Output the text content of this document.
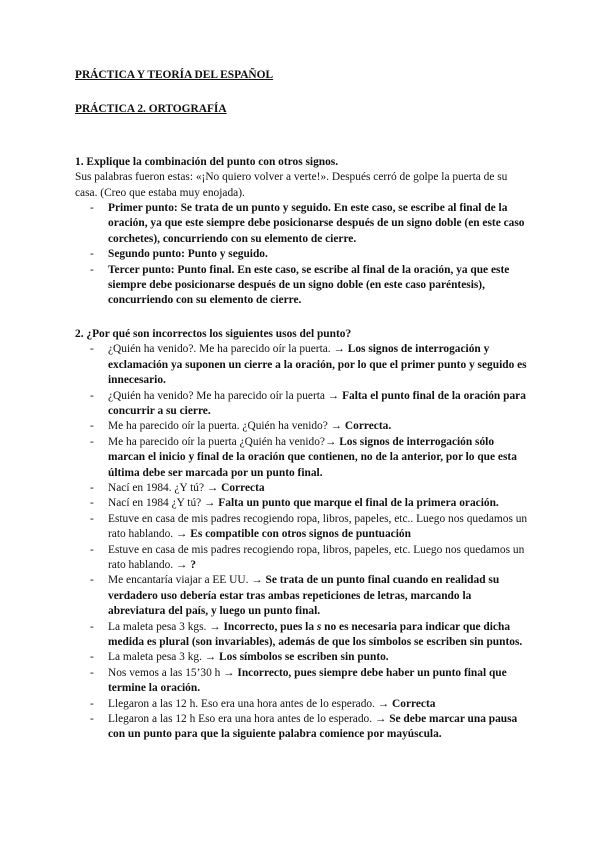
PRÁCTICA Y TEORÍA DEL ESPAÑOL

PRÁCTICA 2. ORTOGRAFÍA

1. Explique la combinación del punto con otros signos.

Sus palabras fueron estas: «¡No quiero volver a verte!». Después cerró de golpe la puerta de su casa. (Creo que estaba muy enojada).

- Primer punto: Se trata de un punto y seguido. En este caso, se escribe al final de la oración, ya que este siempre debe posicionarse después de un signo doble (en este caso corchetes), concurriendo con su elemento de cierre.
- Segundo punto: Punto y seguido.
- Tercer punto: Punto final. En este caso, se escribe al final de la oración, ya que este siempre debe posicionarse después de un signo doble (en este caso paréntesis), concurriendo con su elemento de cierre.

2. ¿Por qué son incorrectos los siguientes usos del punto?

- ¿Quién ha venido?. Me ha parecido oír la puerta. → Los signos de interrogación y exclamación ya suponen un cierre a la oración, por lo que el primer punto y seguido es innecesario.
- ¿Quién ha venido? Me ha parecido oír la puerta → Falta el punto final de la oración para concurrir a su cierre.
- Me ha parecido oír la puerta. ¿Quién ha venido? → Correcta.
- Me ha parecido oír la puerta ¿Quién ha venido?→ Los signos de interrogación sólo marcan el inicio y final de la oración que contienen, no de la anterior, por lo que esta última debe ser marcada por un punto final.
- Nací en 1984. ¿Y tú? → Correcta
- Nací en 1984 ¿Y tú? → Falta un punto que marque el final de la primera oración.
- Estuve en casa de mis padres recogiendo ropa, libros, papeles, etc.. Luego nos quedamos un rato hablando. → Es compatible con otros signos de puntuación
- Estuve en casa de mis padres recogiendo ropa, libros, papeles, etc. Luego nos quedamos un rato hablando. → ?
- Me encantaría viajar a EE UU. → Se trata de un punto final cuando en realidad su verdadero uso debería estar tras ambas repeticiones de letras, marcando la abreviatura del país, y luego un punto final.
- La maleta pesa 3 kgs. → Incorrecto, pues la s no es necesaria para indicar que dicha medida es plural (son invariables), además de que los símbolos se escriben sin puntos.
- La maleta pesa 3 kg. → Los símbolos se escriben sin punto.
- Nos vemos a las 15’30 h → Incorrecto, pues siempre debe haber un punto final que termine la oración.
- Llegaron a las 12 h. Eso era una hora antes de lo esperado. → Correcta
- Llegaron a las 12 h Eso era una hora antes de lo esperado. → Se debe marcar una pausa con un punto para que la siguiente palabra comience por mayúscula.
